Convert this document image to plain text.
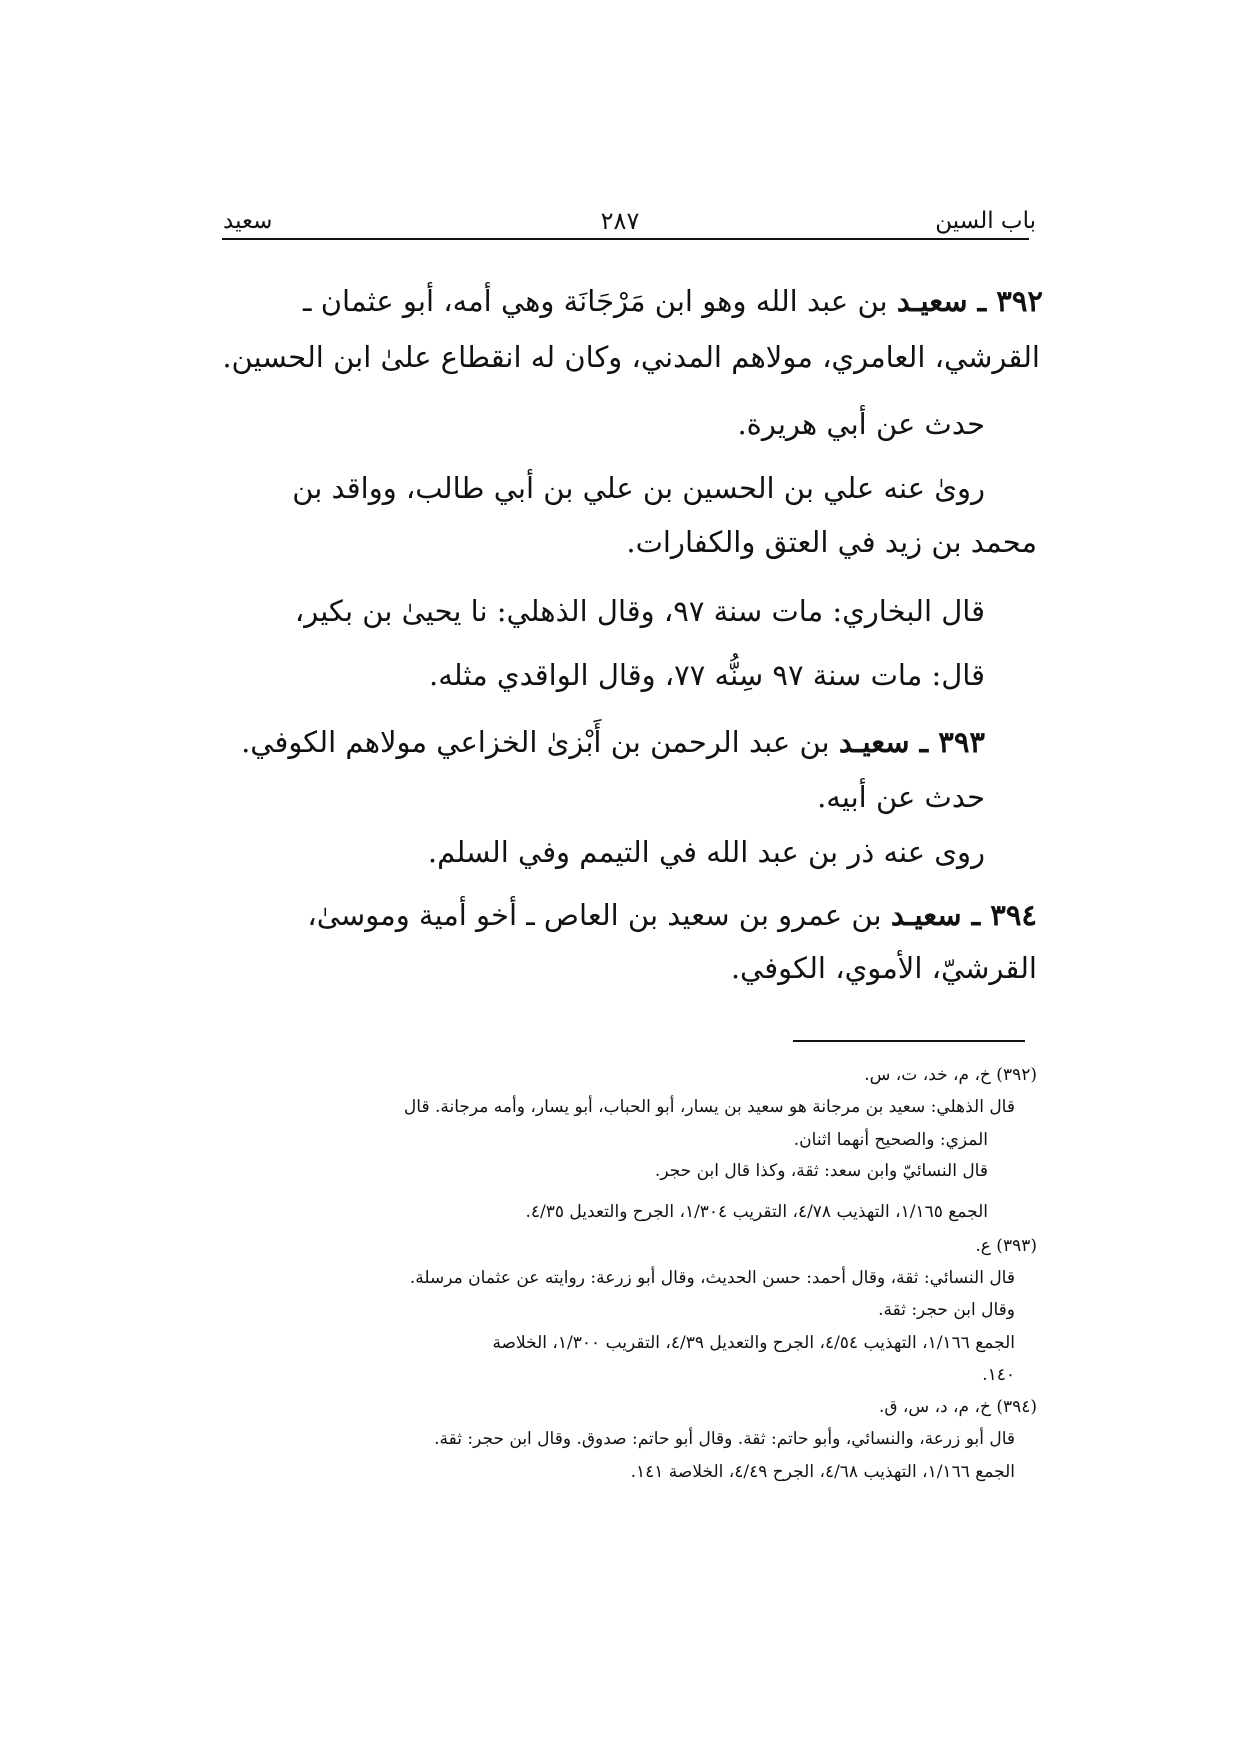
باب السين
٢٨٧
سعيد
٣٩٢ ـ سعيـد بن عبد الله وهو ابن مَرْجَانَة وهي أمه، أبو عثمان ـ
القرشي، العامري، مولاهم المدني، وكان له انقطاع علىٰ ابن الحسين.
حدث عن أبي هريرة.
رویٰ عنه علي بن الحسين بن علي بن أبي طالب، وواقد بن
محمد بن زيد في العتق والكفارات.
قال البخاري: مات سنة ٩٧، وقال الذهلي: نا يحيىٰ بن بكير،
قال: مات سنة ٩٧ سِنُّه ٧٧، وقال الواقدي مثله.
٣٩٣ ـ سعيـد بن عبد الرحمن بن أَبْزیٰ الخزاعي مولاهم الكوفي.
حدث عن أبيه.
روی عنه ذر بن عبد الله في التيمم وفي السلم.
٣٩٤ ـ سعيـد بن عمرو بن سعيد بن العاص ـ أخو أمية وموسیٰ،
القرشيّ، الأموي، الكوفي.
(٣٩٢) خ، م، خد، ت، س.
قال الذهلي: سعيد بن مرجانة هو سعيد بن يسار، أبو الحباب، أبو يسار، وأمه مرجانة. قال
المزي: والصحيح أنهما اثنان.
قال النسائيّ وابن سعد: ثقة، وكذا قال ابن حجر.
الجمع ١/١٦٥، التهذيب ٤/٧٨، التقريب ١/٣٠٤، الجرح والتعديل ٤/٣٥.
(٣٩٣) ع.
قال النسائي: ثقة، وقال أحمد: حسن الحديث، وقال أبو زرعة: روايته عن عثمان مرسلة.
وقال ابن حجر: ثقة.
الجمع ١/١٦٦، التهذيب ٤/٥٤، الجرح والتعديل ٤/٣٩، التقريب ١/٣٠٠، الخلاصة
١٤٠.
(٣٩٤) خ، م، د، س، ق.
قال أبو زرعة، والنسائي، وأبو حاتم: ثقة. وقال أبو حاتم: صدوق. وقال ابن حجر: ثقة.
الجمع ١/١٦٦، التهذيب ٤/٦٨، الجرح ٤/٤٩، الخلاصة ١٤١.
